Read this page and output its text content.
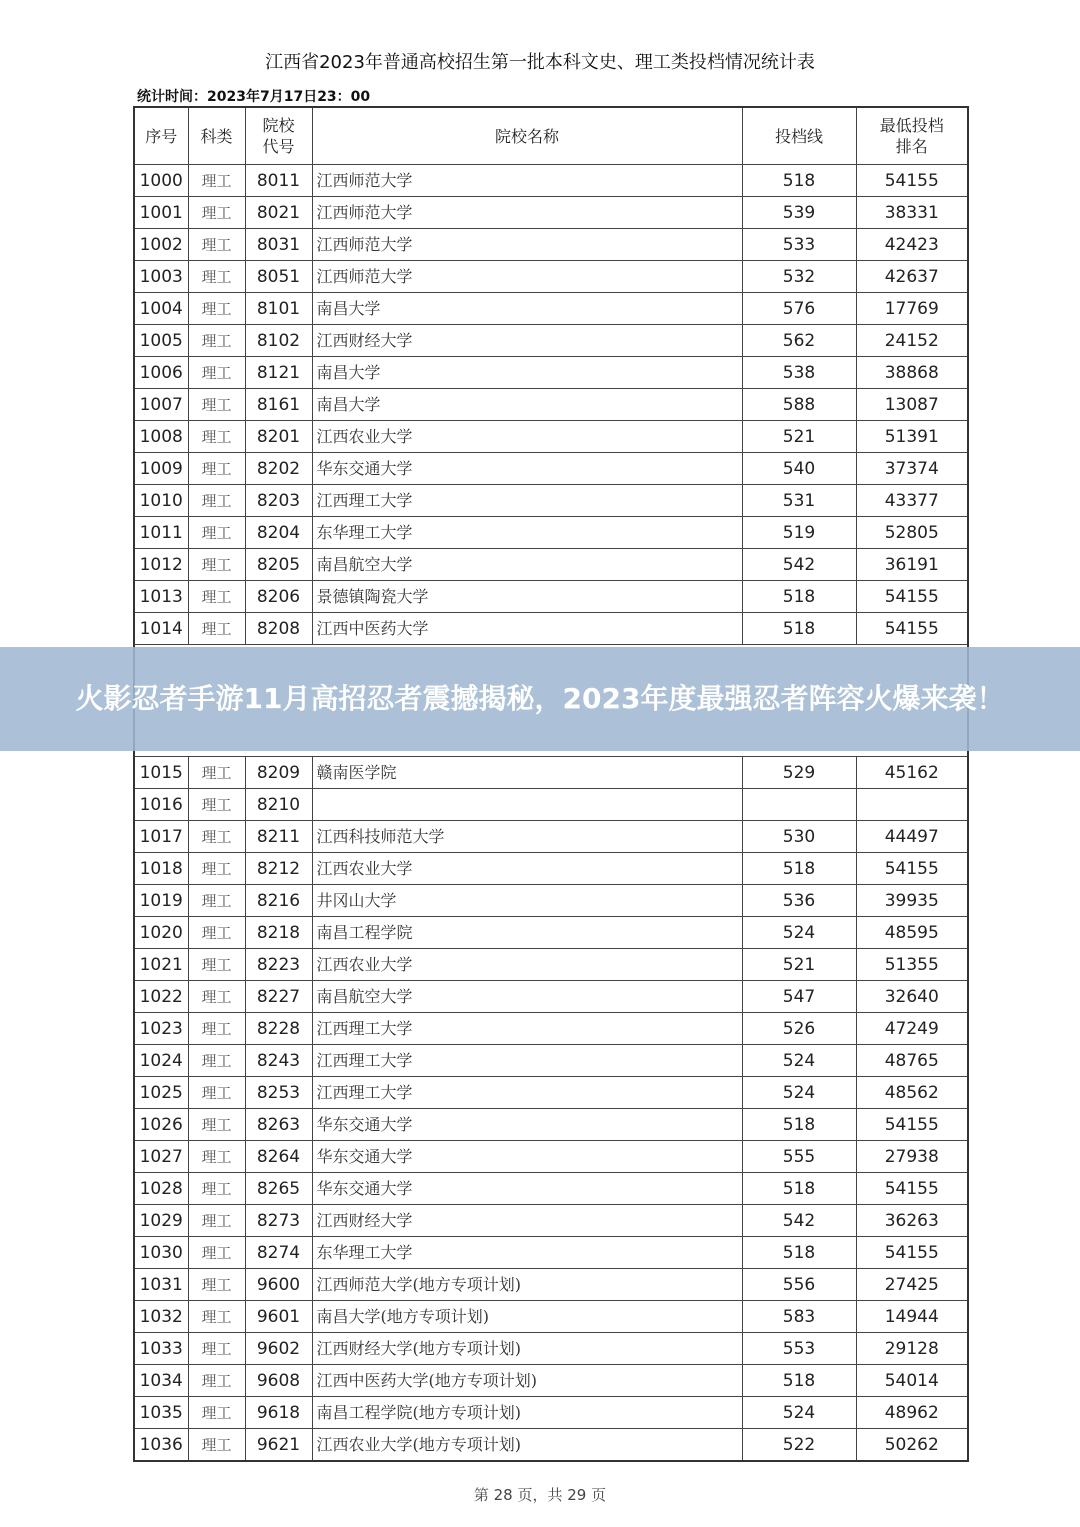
江西省2023年普通高校招生第一批本科文史、理工类投档情况统计表
统计时间：2023年7月17日23：00
序号	科类	院校代号	院校名称	投档线	最低投档排名

1000	理工	8011	江西师范大学	518	54155
1001	理工	8021	江西师范大学	539	38331
1002	理工	8031	江西师范大学	533	42423
1003	理工	8051	江西师范大学	532	42637
1004	理工	8101	南昌大学	576	17769
1005	理工	8102	江西财经大学	562	24152
1006	理工	8121	南昌大学	538	38868
1007	理工	8161	南昌大学	588	13087
1008	理工	8201	江西农业大学	521	51391
1009	理工	8202	华东交通大学	540	37374
1010	理工	8203	江西理工大学	531	43377
1011	理工	8204	东华理工大学	519	52805
1012	理工	8205	南昌航空大学	542	36191
1013	理工	8206	景德镇陶瓷大学	518	54155
1014	理工	8208	江西中医药大学	518	54155

1015	理工	8209	赣南医学院	529	45162
1016	理工	8210			
1017	理工	8211	江西科技师范大学	530	44497
1018	理工	8212	江西农业大学	518	54155
1019	理工	8216	井冈山大学	536	39935
1020	理工	8218	南昌工程学院	524	48595
1021	理工	8223	江西农业大学	521	51355
1022	理工	8227	南昌航空大学	547	32640
1023	理工	8228	江西理工大学	526	47249
1024	理工	8243	江西理工大学	524	48765
1025	理工	8253	江西理工大学	524	48562
1026	理工	8263	华东交通大学	518	54155
1027	理工	8264	华东交通大学	555	27938
1028	理工	8265	华东交通大学	518	54155
1029	理工	8273	江西财经大学	542	36263
1030	理工	8274	东华理工大学	518	54155
1031	理工	9600	江西师范大学(地方专项计划)	556	27425
1032	理工	9601	南昌大学(地方专项计划)	583	14944
1033	理工	9602	江西财经大学(地方专项计划)	553	29128
1034	理工	9608	江西中医药大学(地方专项计划)	518	54014
1035	理工	9618	南昌工程学院(地方专项计划)	524	48962
1036	理工	9621	江西农业大学(地方专项计划)	522	50262
第 28 页，共 29 页
火影忍者手游11月高招忍者震撼揭秘，2023年度最强忍者阵容火爆来袭！
